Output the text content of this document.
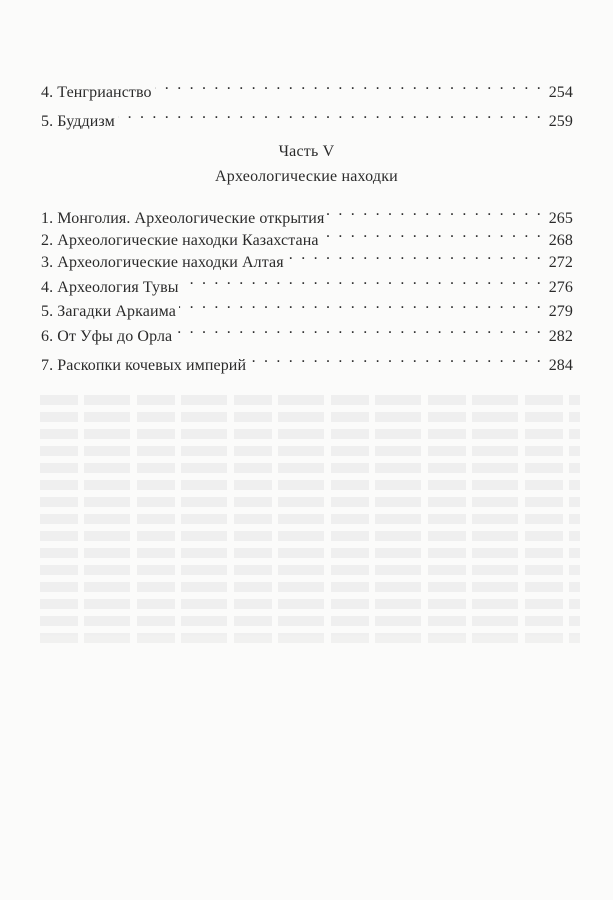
4. Тенгрианство . . .	254
5. Буддизм . . .	259
1. Монголия. Археологические открытия . . .	265
2. Археологические находки Казахстана . . .	268
3. Археологические находки Алтая . . .	272
4. Археология Тувы . . .	276
5. Загадки Аркаима . . .	279
6. От Уфы до Орла . . .	282
7. Раскопки кочевых империй . . .	284
Часть V
Археологические находки
